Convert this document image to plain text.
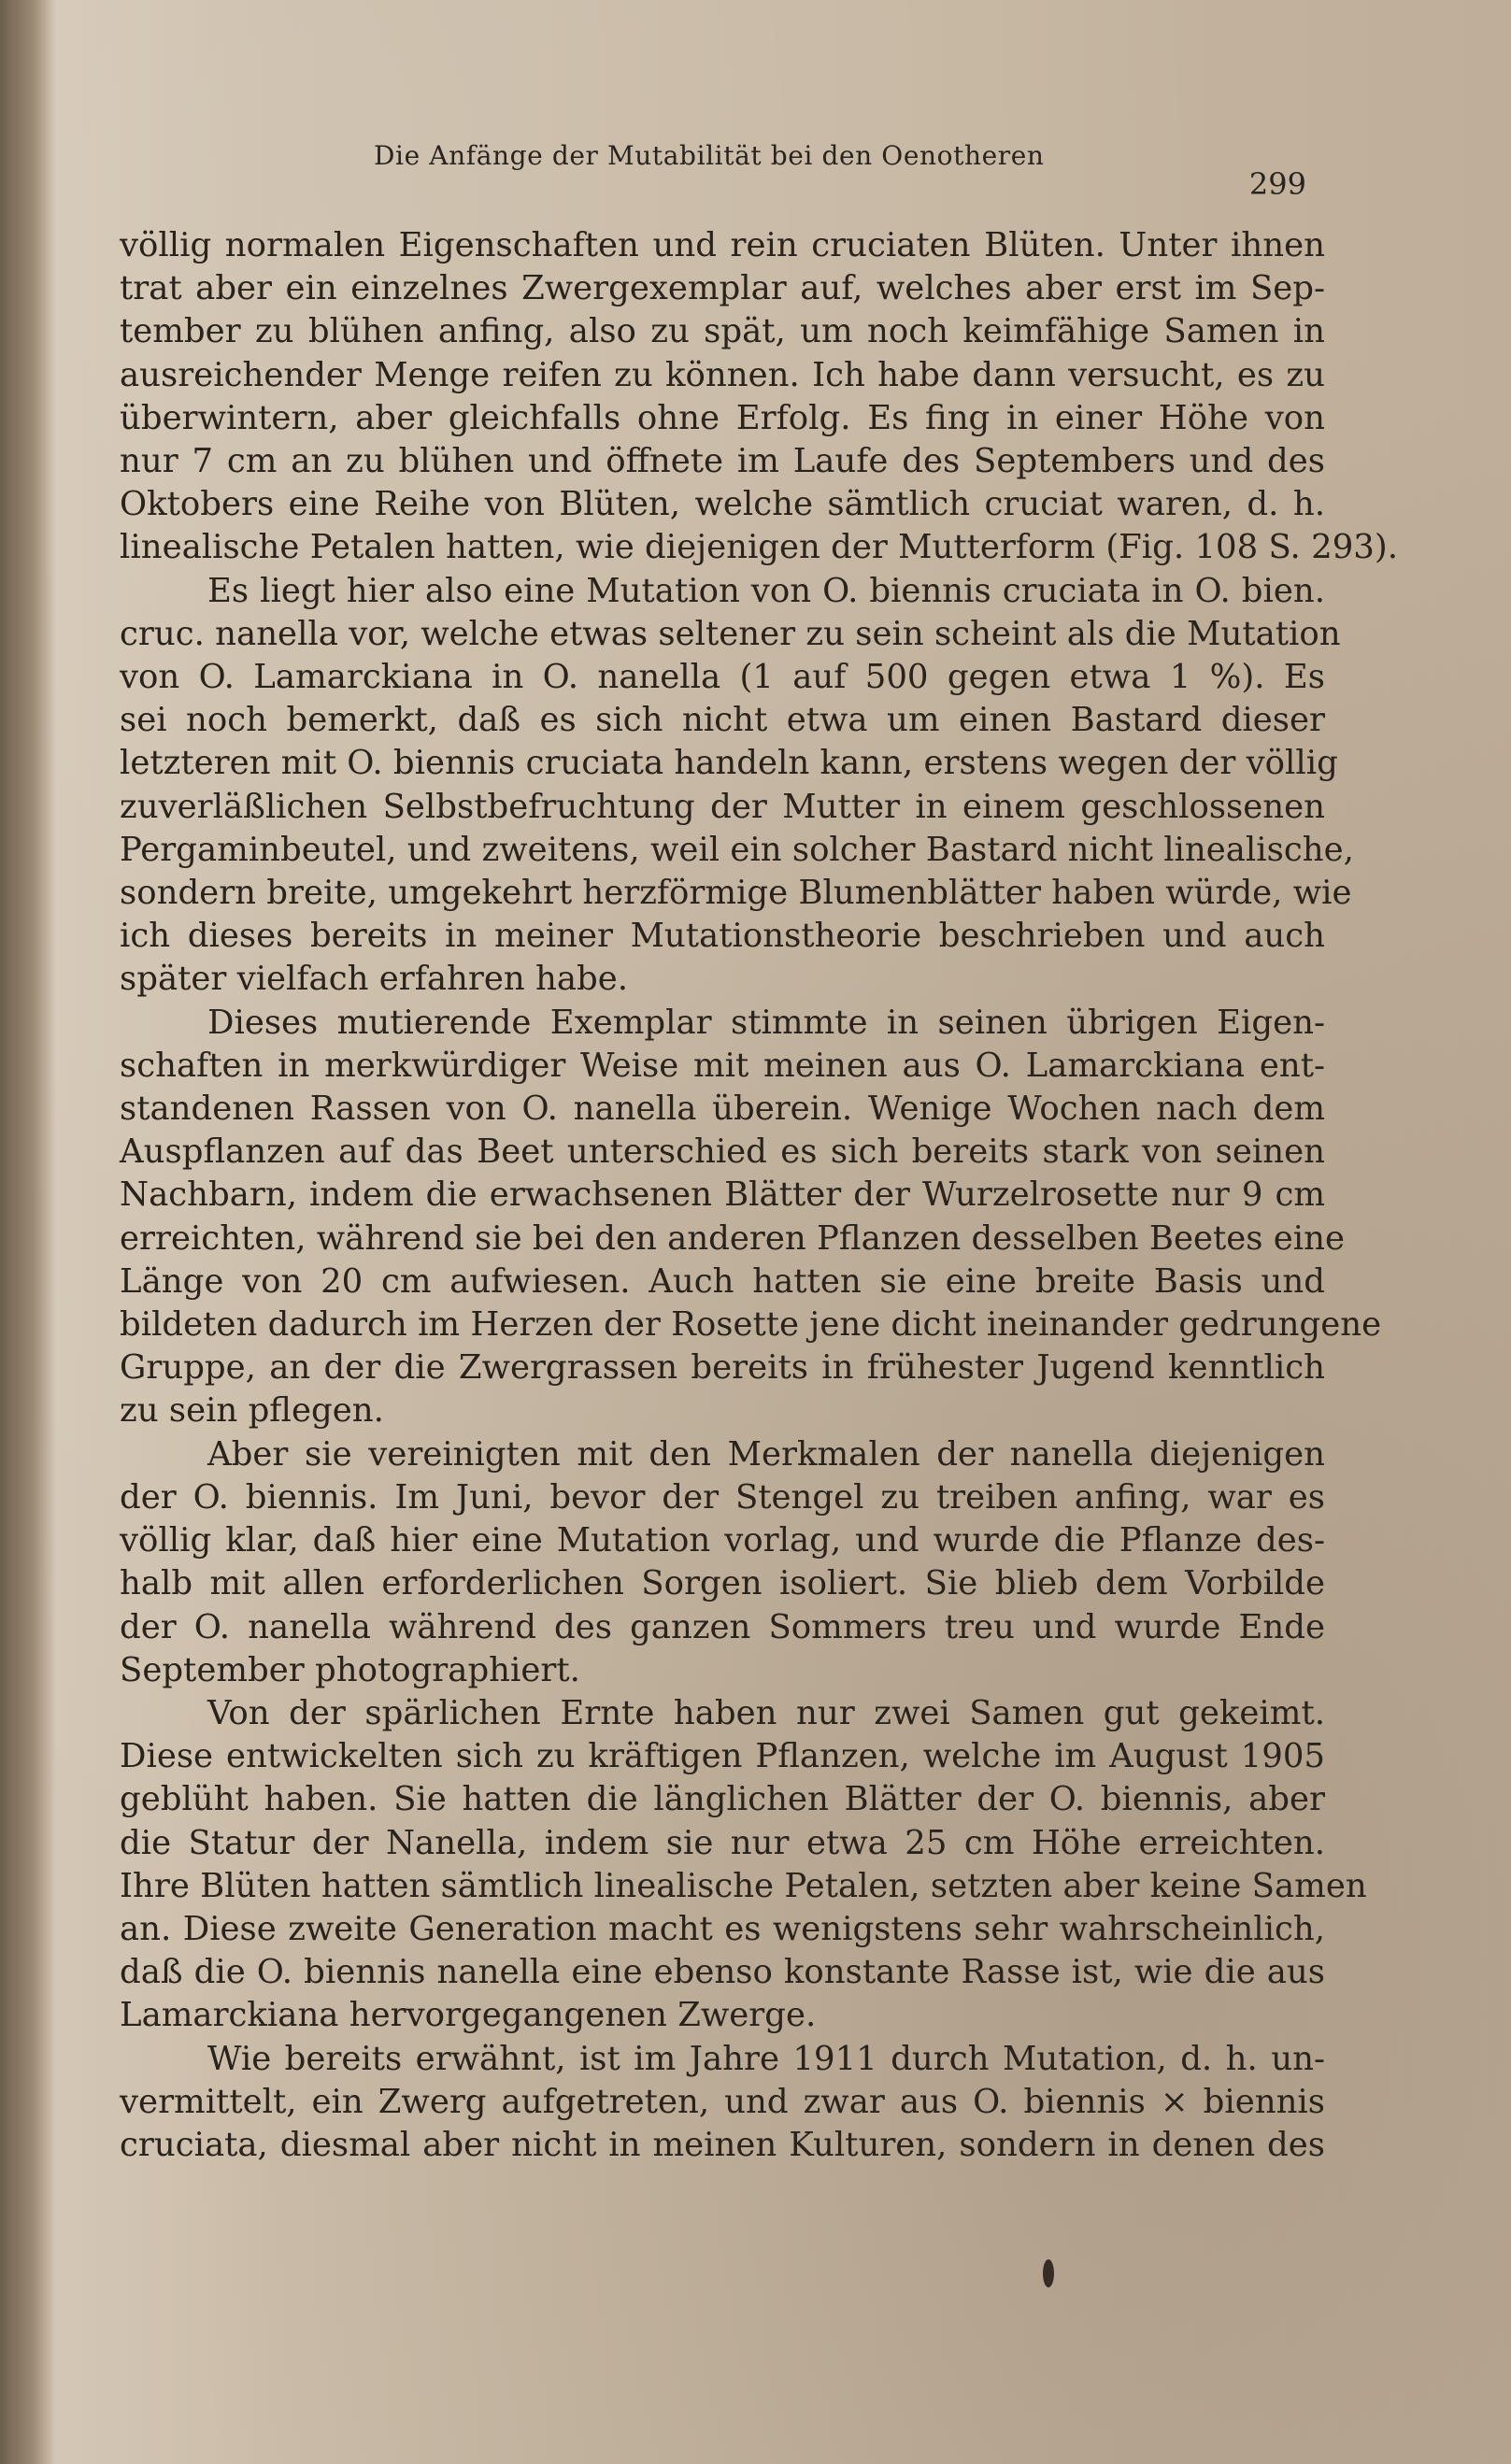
Die Anfänge der Mutabilität bei den Oenotheren
299
völlig normalen Eigenschaften und rein cruciaten Blüten. Unter ihnen
trat aber ein einzelnes Zwergexemplar auf, welches aber erst im Sep-
tember zu blühen anfing, also zu spät, um noch keimfähige Samen in
ausreichender Menge reifen zu können. Ich habe dann versucht, es zu
überwintern, aber gleichfalls ohne Erfolg. Es fing in einer Höhe von
nur 7 cm an zu blühen und öffnete im Laufe des Septembers und des
Oktobers eine Reihe von Blüten, welche sämtlich cruciat waren, d. h.
linealische Petalen hatten, wie diejenigen der Mutterform (Fig. 108 S. 293).
Es liegt hier also eine Mutation von O. biennis cruciata in O. bien.
cruc. nanella vor, welche etwas seltener zu sein scheint als die Mutation
von O. Lamarckiana in O. nanella (1 auf 500 gegen etwa 1 %). Es
sei noch bemerkt, daß es sich nicht etwa um einen Bastard dieser
letzteren mit O. biennis cruciata handeln kann, erstens wegen der völlig
zuverläßlichen Selbstbefruchtung der Mutter in einem geschlossenen
Pergaminbeutel, und zweitens, weil ein solcher Bastard nicht linealische,
sondern breite, umgekehrt herzförmige Blumenblätter haben würde, wie
ich dieses bereits in meiner Mutationstheorie beschrieben und auch
später vielfach erfahren habe.
Dieses mutierende Exemplar stimmte in seinen übrigen Eigen-
schaften in merkwürdiger Weise mit meinen aus O. Lamarckiana ent-
standenen Rassen von O. nanella überein. Wenige Wochen nach dem
Auspflanzen auf das Beet unterschied es sich bereits stark von seinen
Nachbarn, indem die erwachsenen Blätter der Wurzelrosette nur 9 cm
erreichten, während sie bei den anderen Pflanzen desselben Beetes eine
Länge von 20 cm aufwiesen. Auch hatten sie eine breite Basis und
bildeten dadurch im Herzen der Rosette jene dicht ineinander gedrungene
Gruppe, an der die Zwergrassen bereits in frühester Jugend kenntlich
zu sein pflegen.
Aber sie vereinigten mit den Merkmalen der nanella diejenigen
der O. biennis. Im Juni, bevor der Stengel zu treiben anfing, war es
völlig klar, daß hier eine Mutation vorlag, und wurde die Pflanze des-
halb mit allen erforderlichen Sorgen isoliert. Sie blieb dem Vorbilde
der O. nanella während des ganzen Sommers treu und wurde Ende
September photographiert.
Von der spärlichen Ernte haben nur zwei Samen gut gekeimt.
Diese entwickelten sich zu kräftigen Pflanzen, welche im August 1905
geblüht haben. Sie hatten die länglichen Blätter der O. biennis, aber
die Statur der Nanella, indem sie nur etwa 25 cm Höhe erreichten.
Ihre Blüten hatten sämtlich linealische Petalen, setzten aber keine Samen
an. Diese zweite Generation macht es wenigstens sehr wahrscheinlich,
daß die O. biennis nanella eine ebenso konstante Rasse ist, wie die aus
Lamarckiana hervorgegangenen Zwerge.
Wie bereits erwähnt, ist im Jahre 1911 durch Mutation, d. h. un-
vermittelt, ein Zwerg aufgetreten, und zwar aus O. biennis × biennis
cruciata, diesmal aber nicht in meinen Kulturen, sondern in denen des
